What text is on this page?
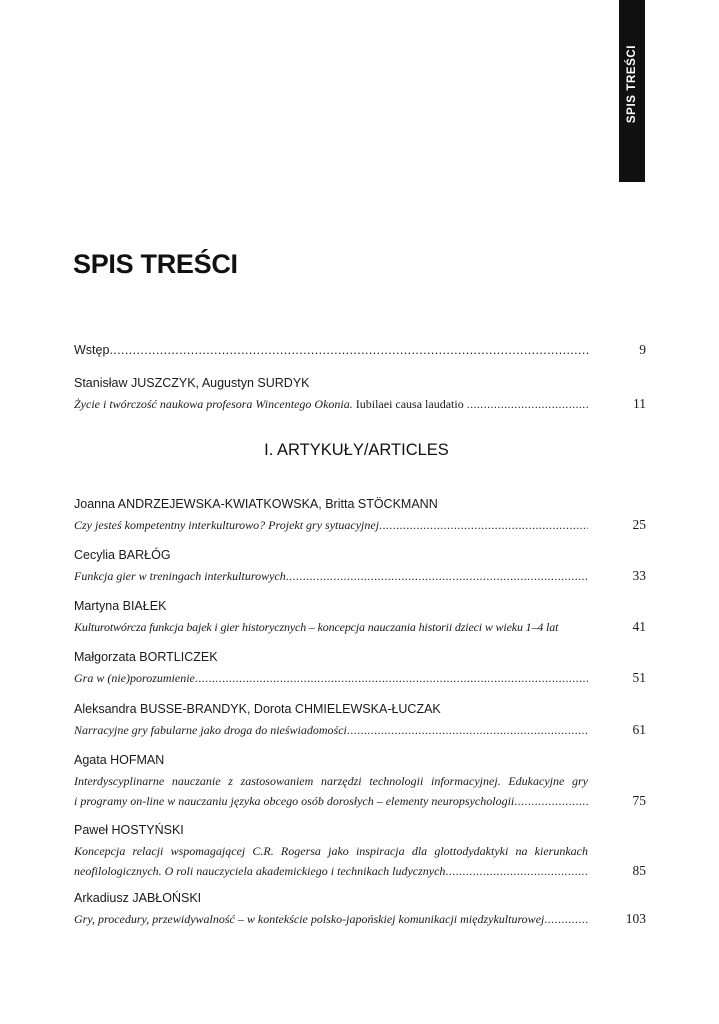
SPIS TREŚCI
SPIS TREŚCI
Wstęp .....	9
Stanisław JUSZCZYK, Augustyn SURDYK
Życie i twórczość naukowa profesora Wincentego Okonia.
Iubilaei causa laudatio
.....	11
I. ARTYKUŁY/ARTICLES
Joanna ANDRZEJEWSKA-KWIATKOWSKA, Britta STÖCKMANN
Czy jesteś kompetentny interkulturowo? Projekt gry sytuacyjnej .....	25
Cecylia BARŁÓG
Funkcja gier w treningach interkulturowych .....	33
Martyna BIAŁEK
Kulturotwórcza funkcja bajek i gier historycznych – koncepcja nauczania historii dzieci w wieku 1–4 lat	41
Małgorzata BORTLICZEK
Gra w (nie)porozumienie .....	51
Aleksandra BUSSE-BRANDYK, Dorota CHMIELEWSKA-ŁUCZAK
Narracyjne gry fabularne jako droga do nieświadomości .....	61
Agata HOFMAN
Interdyscyplinarne nauczanie z zastosowaniem narzędzi technologii informacyjnej. Edukacyjne gry
i programy on-line w nauczaniu języka obcego osób dorosłych – elementy neuropsychologii .....	75
Paweł HOSTYŃSKI
Koncepcja relacji wspomagającej C.R. Rogersa jako inspiracja dla glottodydaktyki na kierunkach
neofilologicznych. O roli nauczyciela akademickiego i technikach ludycznych .....	85
Arkadiusz JABŁOŃSKI
Gry, procedury, przewidywalność – w kontekście polsko-japońskiej komunikacji międzykulturowej .....	103
